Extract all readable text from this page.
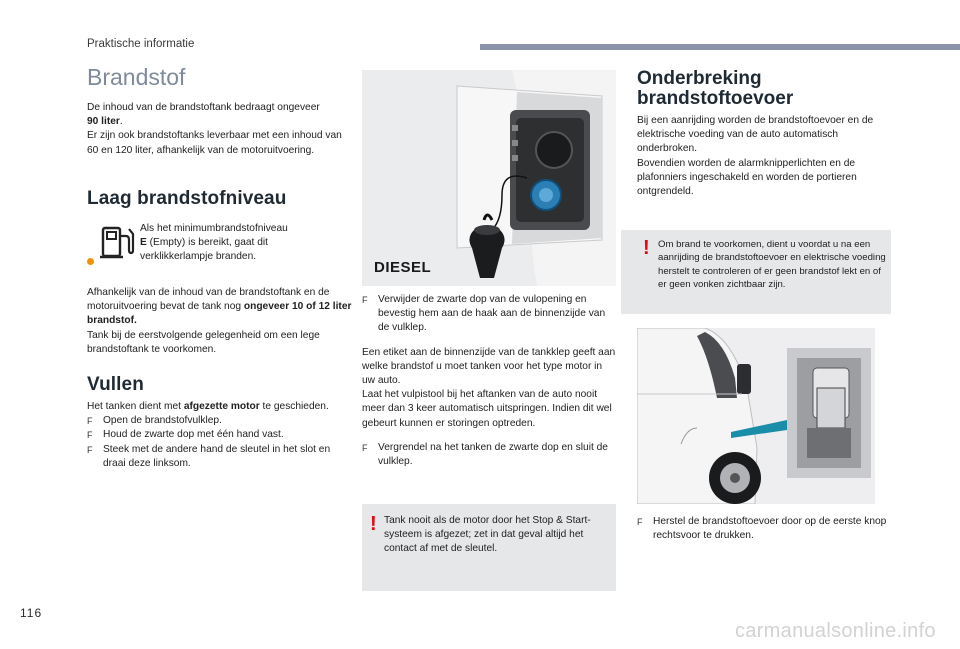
Praktische informatie
Brandstof

De inhoud van de brandstoftank bedraagt ongeveer
90 liter.

Er zijn ook brandstoftanks leverbaar met een inhoud van 60 en 120 liter, afhankelijk van de motoruitvoering.

Laag brandstofniveau

Als het minimumbrandstofniveau
E (Empty) is bereikt, gaat dit verklikkerlampje branden.

Afhankelijk van de inhoud van de brandstoftank en de motoruitvoering bevat de tank nog ongeveer 10 of 12 liter brandstof.

Tank bij de eerstvolgende gelegenheid om een lege brandstoftank te voorkomen.

Vullen

Het tanken dient met afgezette motor te geschieden.

F Open de brandstofvulklep.
F Houd de zwarte dop met één hand vast.
F Steek met de andere hand de sleutel in het slot en draai deze linksom.
DIESEL
F Verwijder de zwarte dop van de vulopening en bevestig hem aan de haak aan de binnenzijde van de vulklep.

Een etiket aan de binnenzijde van de tankklep geeft aan welke brandstof u moet tanken voor het type motor in uw auto.

Laat het vulpistool bij het aftanken van de auto nooit meer dan 3 keer automatisch uitspringen. Indien dit wel gebeurt kunnen er storingen optreden.

F Vergrendel na het tanken de zwarte dop en sluit de vulklep.
! Tank nooit als de motor door het Stop & Start-systeem is afgezet; zet in dat geval altijd het contact af met de sleutel.
Onderbreking
brandstoftoevoer

Bij een aanrijding worden de brandstoftoevoer en de elektrische voeding van de auto automatisch onderbroken.

Bovendien worden de alarmknipperlichten en de plafonniers ingeschakeld en worden de portieren ontgrendeld.

! Om brand te voorkomen, dient u voordat u na een aanrijding de brandstoftoevoer en elektrische voeding herstelt te controleren of er geen brandstof lekt en of er geen vonken zichtbaar zijn.
F Herstel de brandstoftoevoer door op de eerste knop rechtsvoor te drukken.
116
carmanualsonline.info
